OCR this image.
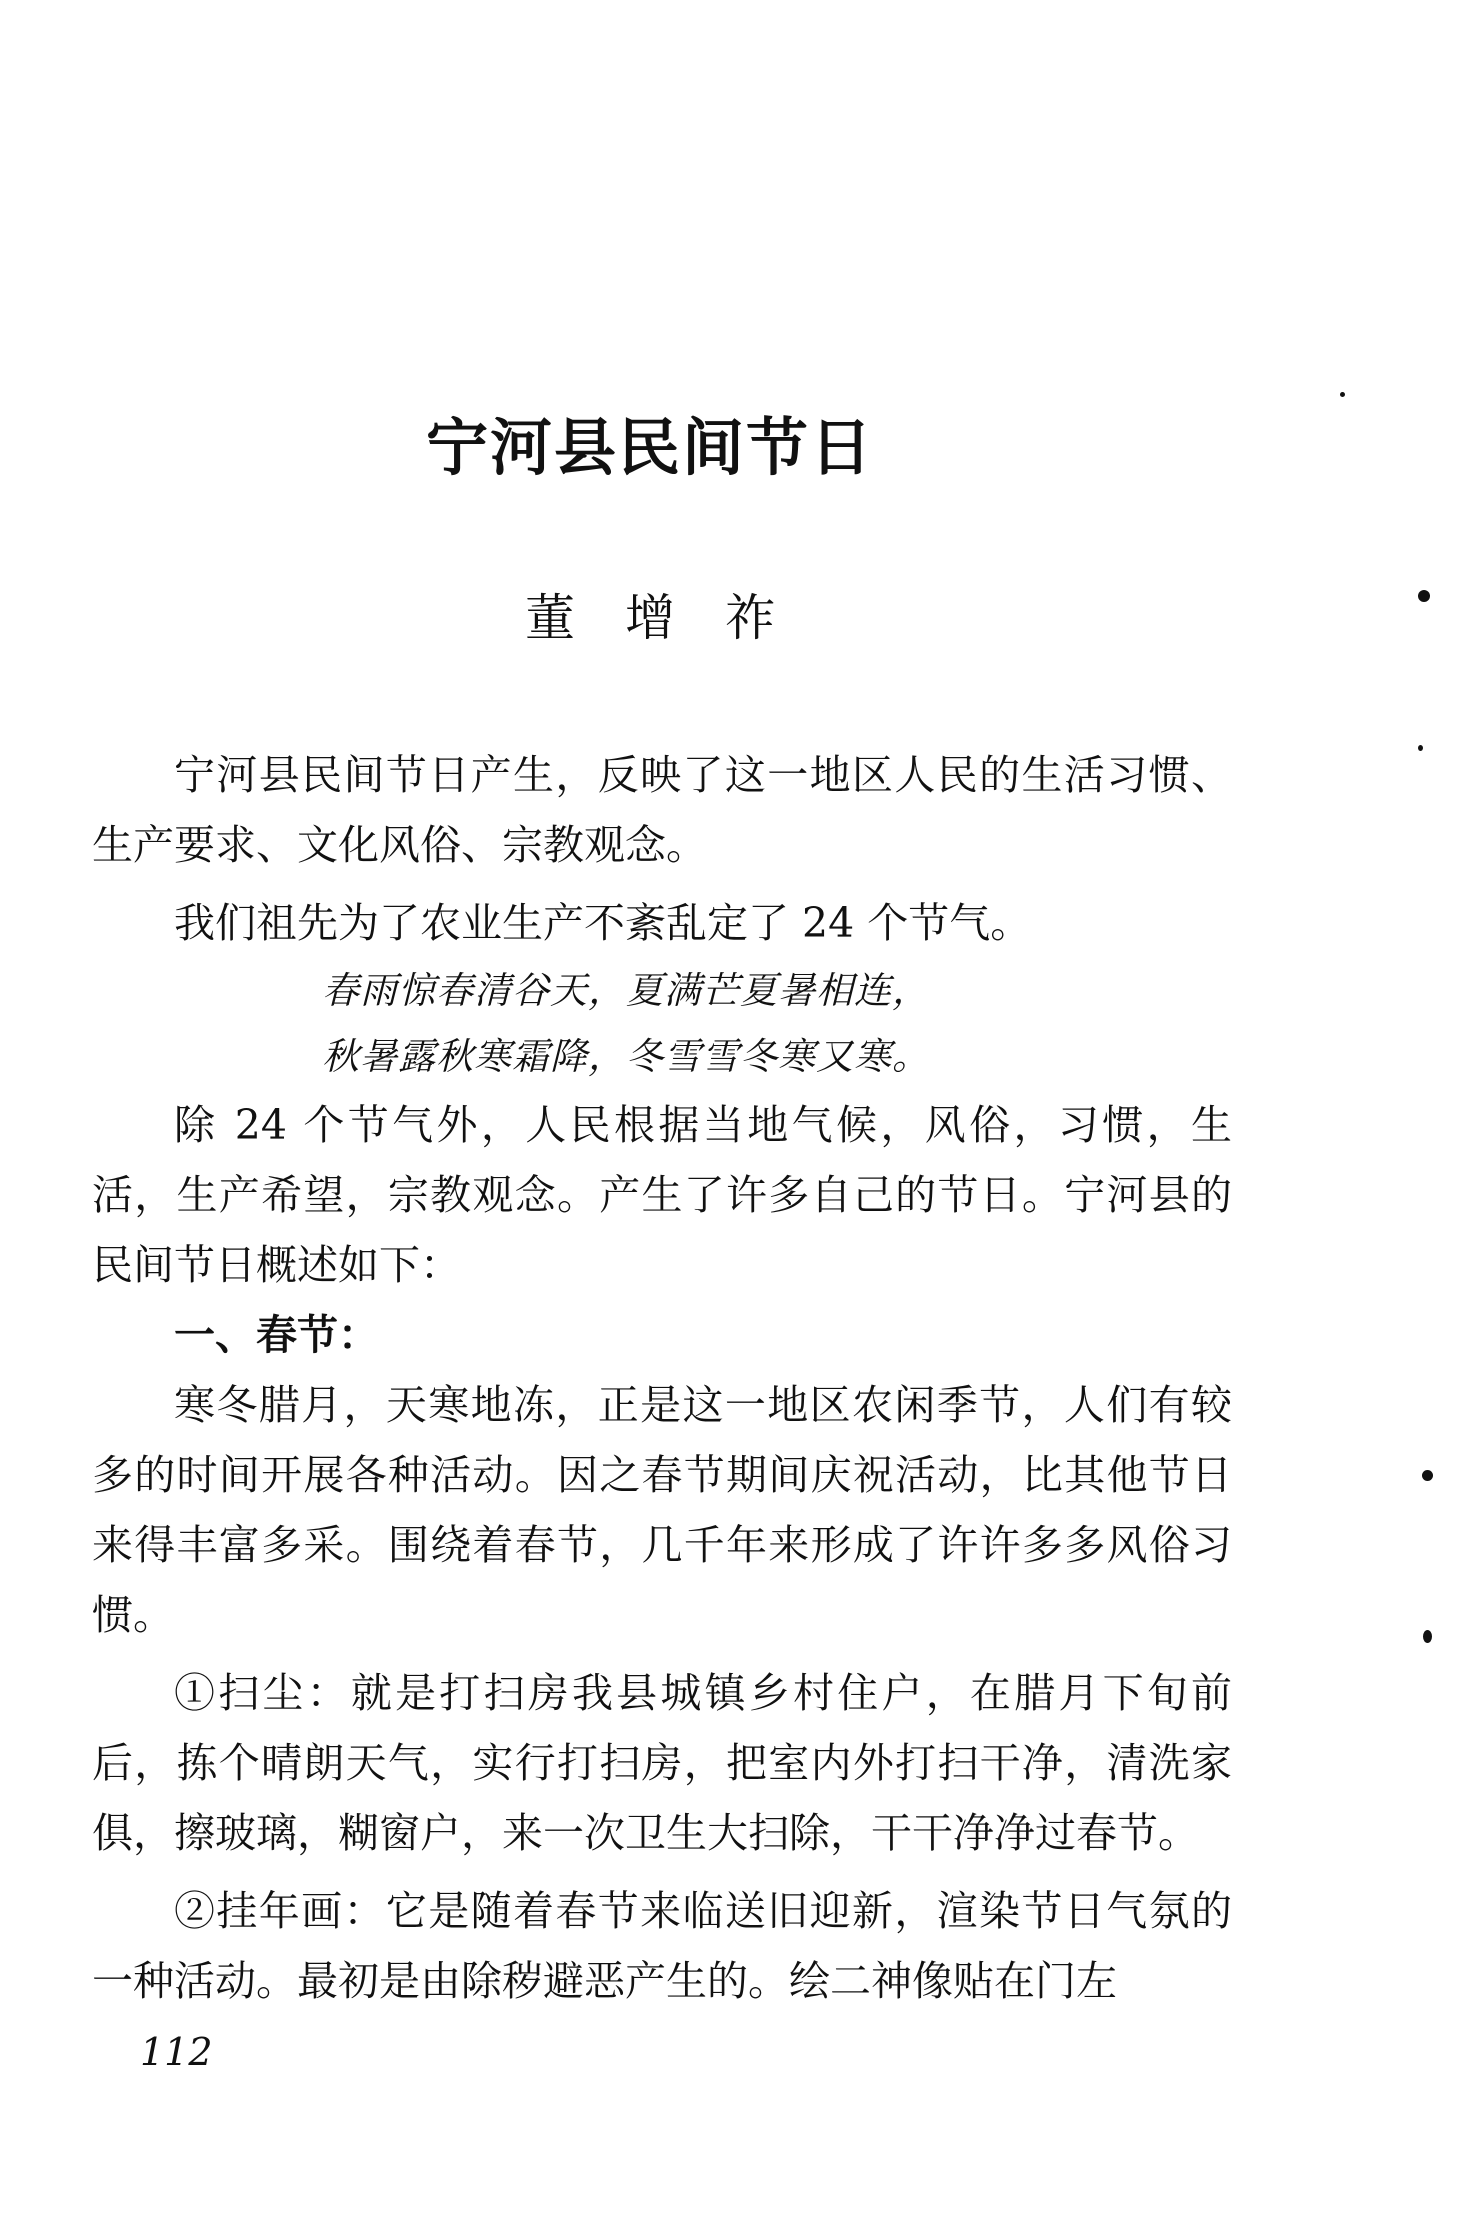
宁河县民间节日
董增祚

宁河县民间节日产生，反映了这一地区人民的生活习惯、生产要求、文化风俗、宗教观念。

我们祖先为了农业生产不紊乱定了 24 个节气。

春雨惊春清谷天，夏满芒夏暑相连，
秋暑露秋寒霜降，冬雪雪冬寒又寒。

除 24 个节气外，人民根据当地气候，风俗，习惯，生活，生产希望，宗教观念。产生了许多自己的节日。宁河县的民间节日概述如下：

一、春节：

寒冬腊月，天寒地冻，正是这一地区农闲季节，人们有较多的时间开展各种活动。因之春节期间庆祝活动，比其他节日来得丰富多采。围绕着春节，几千年来形成了许许多多风俗习惯。

①扫尘：就是打扫房我县城镇乡村住户，在腊月下旬前后，拣个晴朗天气，实行打扫房，把室内外打扫干净，清洗家俱，擦玻璃，糊窗户，来一次卫生大扫除，干干净净过春节。

②挂年画：它是随着春节来临送旧迎新，渲染节日气氛的一种活动。最初是由除秽避恶产生的。绘二神像贴在门左

112
